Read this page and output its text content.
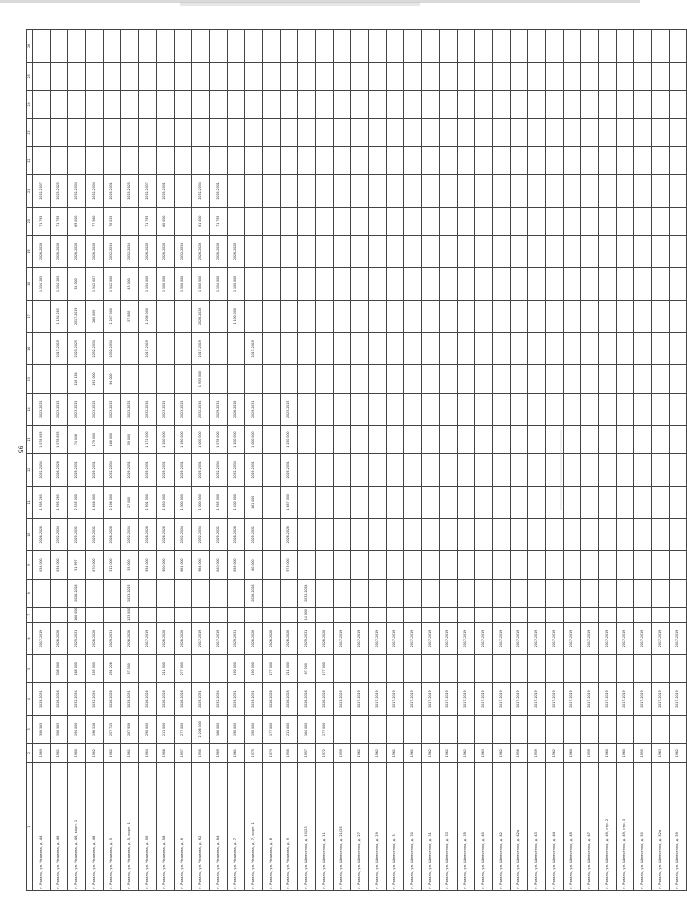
95
1	2	3	4	5	6	7	8	9	10	11	12	13	14	15	16	17	18	19	20	21	22	23	24	25	26
г. Рязань, ул. Чкалова, д. 44	1989	308 585	2029-2031		2017-2019			834 000	2026-2028	1 595 285	2032-2034	1 078 893	2023-2025				1 154 285	2026-2028	71 795	2032-2037					
г. Рязань, ул. Чкалова, д. 46	1981	308 585	2026-2028	308 000	2026-2028			834 000	2032-2034	1 595 285	2026-2028	1 078 893	2023-2025		2017-2019	1 154 285	1 154 285	2026-2028	71 795	2023-2025					
г. Рязань, ул. Чкалова, д. 46, корп. 1	1980	194 000	2032-2034	168 000	2029-2031	168 000	2026-2028	51 997	2029-2031	2 535 000	2029-2031	74 046	2023-2025	128 156	2023-2025	2017-2019	54 000	2026-2028	69 000	2032-2034					
г. Рязань, ул. Чкалова, д. 48	1982	196 526	2032-2034	195 000	2026-2028			870 000	2029-2031	1 846 000	2029-2031	179 000	2023-2025	192 000	2032-2034	260 000	1 542 807	2026-2028	77 560	2032-2034					
г. Рязань, ул. Чкалова, д. 5	1982	257 725	2026-2028	291 226	2029-2031			512 000	2026-2028	2 196 000	2032-2034	168 000	2023-2025	94 000	2032-2034	2 247 000	1 542 000	2032-2034	78 025	2029-2031					
г. Рязань, ул. Чкалова, д. 5, корп. 1	1981	207 958	2029-2031	57 000	2026-2028	123 000	2023-2025	55 000	2032-2034	27 000	2029-2031	59 000	2023-2025			57 000	43 000	2032-2034		2023-2025					
г. Рязань, ул. Чкалова, д. 56	1984	290 000	2026-2028		2017-2019			954 000	2026-2028	1 901 000	2029-2031	1 172 000	2032-2034		2017-2019	1 208 000	1 154 000	2026-2028	71 795	2032-2037					
г. Рязань, ул. Чкалова, д. 58	1986	211 000	2026-2028	211 000	2026-2028			900 000	2026-2028	1 850 000	2029-2031	1 200 000	2023-2025				1 500 000	2026-2028	68 000	2029-2031					
г. Рязань, ул. Чкалова, д. 6	1957	277 000	2026-2028	277 000	2026-2028			861 000	2032-2034	1 000 000	2029-2031	1 190 000	2023-2025				1 500 000	2032-2034							
г. Рязань, ул. Чкалова, д. 62	1958	2 206 000	2029-2031		2017-2019			964 000	2032-2034	1 000 000	2029-2031	1 000 000	2032-2034	1 935 000	2017-2019	2026-2028	1 000 000	2026-2028	81 400	2032-2034					
г. Рязань, ул. Чкалова, д. 64	1989	168 000	2032-2034		2017-2019			840 000	2029-2031	1 595 000	2032-2034	1 078 000	2029-2031				1 154 000	2026-2028	71 795	2029-2031					
г. Рязань, ул. Чкалова, д. 7	1961	190 000	2029-2031	190 000	2029-2031			858 000	2026-2028	1 400 000	2032-2034	1 100 000	2026-2028			1 100 000	1 100 000	2026-2028							
г. Рязань, ул. Чкалова, д. 7, корп. 1	1975	190 000	2029-2031	190 000	2026-2028		2026-2028	60 000	2029-2031	161 000	2029-2031	1 000 000	2029-2031		2017-2019										
г. Рязань, ул. Чкалова, д. 8	1973	177 000	2026-2028	177 000	2026-2028																				
г. Рязань, ул. Чкалова, д. 9	1958	211 000	2026-2028	211 000	2026-2028			973 000	2026-2028	1 657 000	2029-2031	1 250 000	2023-2025												
г. Рязань, ул. Шевченко, д. 10/23	1957	164 000	2026-2028	87 000	2029-2031	14 000	2032-2034																		
г. Рязань, ул. Шевченко, д. 11	1972	177 000	2026-2028	177 000	2026-2028																				
г. Рязань, ул. Шевченко, д. 21/25	1959		2023-2025		2017-2019																				
г. Рязань, ул. Шевченко, д. 27	1962		2017-2019		2017-2019																				
г. Рязань, ул. Шевченко, д. 29	1962		2017-2019		2017-2019																				
г. Рязань, ул. Шевченко, д. 3	1961		2017-2019		2017-2019																				
г. Рязань, ул. Шевченко, д. 30	1961		2017-2019		2017-2019																				
г. Рязань, ул. Шевченко, д. 31	1962		2017-2019		2017-2019																				
г. Рязань, ул. Шевченко, д. 33	1962		2017-2019		2017-2019																				
г. Рязань, ул. Шевченко, д. 35	1962		2017-2019		2017-2019																				
г. Рязань, ул. Шевченко, д. 40	1963		2017-2019		2017-2019																				
г. Рязань, ул. Шевченко, д. 42	1962		2017-2019		2017-2019																				
г. Рязань, ул. Шевченко, д. 42а	1958		2017-2019		2017-2019																				
г. Рязань, ул. Шевченко, д. 43	1959		2017-2019		2017-2019																				
г. Рязань, ул. Шевченко, д. 44	1962		2017-2019		2017-2019																				
г. Рязань, ул. Шевченко, д. 45	1960		2017-2019		2017-2019																				
г. Рязань, ул. Шевченко, д. 47	1959		2017-2019		2017-2019																				
г. Рязань, ул. Шевченко, д. 49, стр. 2	1960		2017-2019		2017-2019																				
г. Рязань, ул. Шевченко, д. 49, стр. 3	1960		2017-2019		2017-2019																				
г. Рязань, ул. Шевченко, д. 50	1955		2017-2019		2017-2019																				
г. Рязань, ул. Шевченко, д. 52а	1963		2017-2019		2017-2019																				
г. Рязань, ул. Шевченко, д. 59	1962		2017-2019		2017-2019																				
